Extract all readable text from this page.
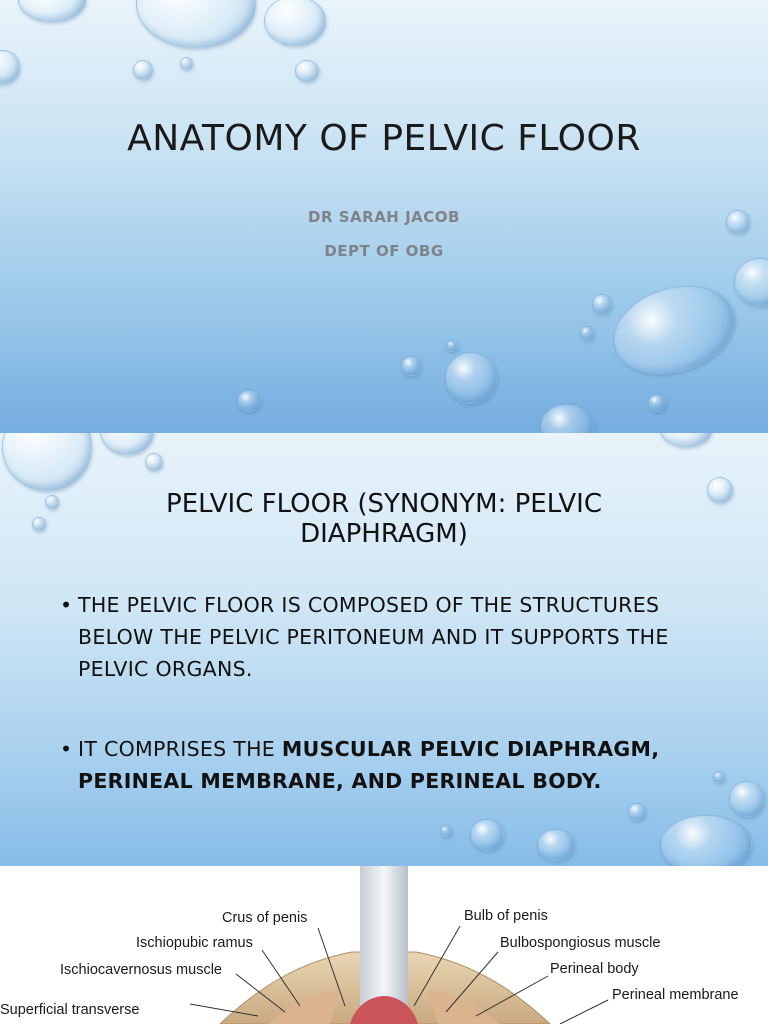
ANATOMY OF PELVIC FLOOR
DR SARAH JACOB
DEPT OF OBG
PELVIC FLOOR (SYNONYM: PELVIC DIAPHRAGM)
• THE PELVIC FLOOR IS COMPOSED OF THE STRUCTURES BELOW THE PELVIC PERITONEUM AND IT SUPPORTS THE PELVIC ORGANS.
• IT COMPRISES THE MUSCULAR PELVIC DIAPHRAGM, PERINEAL MEMBRANE, AND PERINEAL BODY.
Crus of penis
Ischiopubic ramus
Ischiocavernosus muscle
Superficial transverse
Bulb of penis
Bulbospongiosus muscle
Perineal body
Perineal membrane
